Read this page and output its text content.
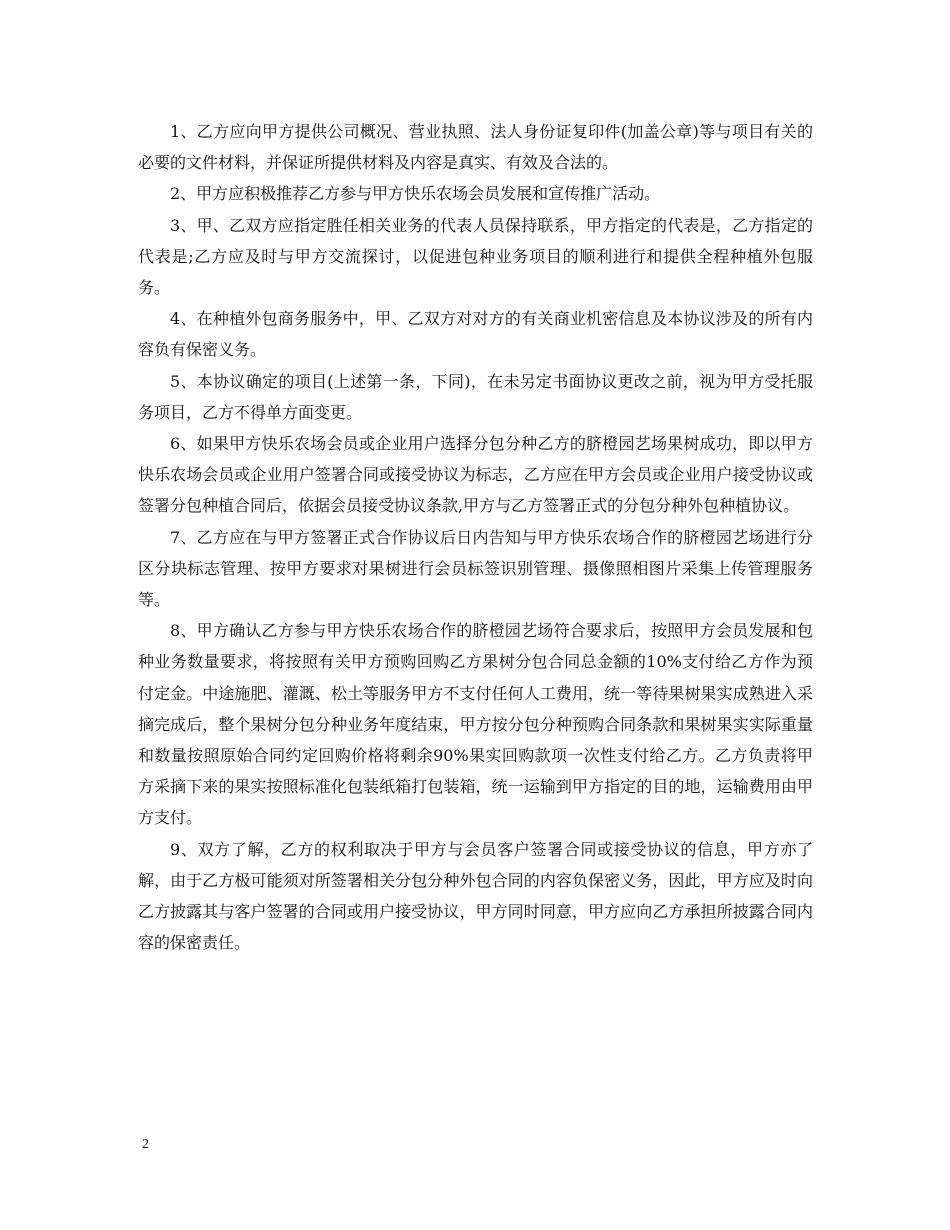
1、乙方应向甲方提供公司概况、营业执照、法人身份证复印件(加盖公章)等与项目有关的必要的文件材料，并保证所提供材料及内容是真实、有效及合法的。

2、甲方应积极推荐乙方参与甲方快乐农场会员发展和宣传推广活动。

3、甲、乙双方应指定胜任相关业务的代表人员保持联系，甲方指定的代表是，乙方指定的代表是;乙方应及时与甲方交流探讨，以促进包种业务项目的顺利进行和提供全程种植外包服务。

4、在种植外包商务服务中，甲、乙双方对对方的有关商业机密信息及本协议涉及的所有内容负有保密义务。

5、本协议确定的项目(上述第一条，下同)，在未另定书面协议更改之前，视为甲方受托服务项目，乙方不得单方面变更。

6、如果甲方快乐农场会员或企业用户选择分包分种乙方的脐橙园艺场果树成功，即以甲方快乐农场会员或企业用户签署合同或接受协议为标志，乙方应在甲方会员或企业用户接受协议或签署分包种植合同后，依据会员接受协议条款,甲方与乙方签署正式的分包分种外包种植协议。

7、乙方应在与甲方签署正式合作协议后日内告知与甲方快乐农场合作的脐橙园艺场进行分区分块标志管理、按甲方要求对果树进行会员标签识别管理、摄像照相图片采集上传管理服务等。

8、甲方确认乙方参与甲方快乐农场合作的脐橙园艺场符合要求后，按照甲方会员发展和包种业务数量要求，将按照有关甲方预购回购乙方果树分包合同总金额的10%支付给乙方作为预付定金。中途施肥、灌溉、松土等服务甲方不支付任何人工费用，统一等待果树果实成熟进入采摘完成后，整个果树分包分种业务年度结束，甲方按分包分种预购合同条款和果树果实实际重量和数量按照原始合同约定回购价格将剩余90%果实回购款项一次性支付给乙方。乙方负责将甲方采摘下来的果实按照标准化包装纸箱打包装箱，统一运输到甲方指定的目的地，运输费用由甲方支付。

9、双方了解，乙方的权利取决于甲方与会员客户签署合同或接受协议的信息，甲方亦了解，由于乙方极可能须对所签署相关分包分种外包合同的内容负保密义务，因此，甲方应及时向乙方披露其与客户签署的合同或用户接受协议，甲方同时同意，甲方应向乙方承担所披露合同内容的保密责任。

2
